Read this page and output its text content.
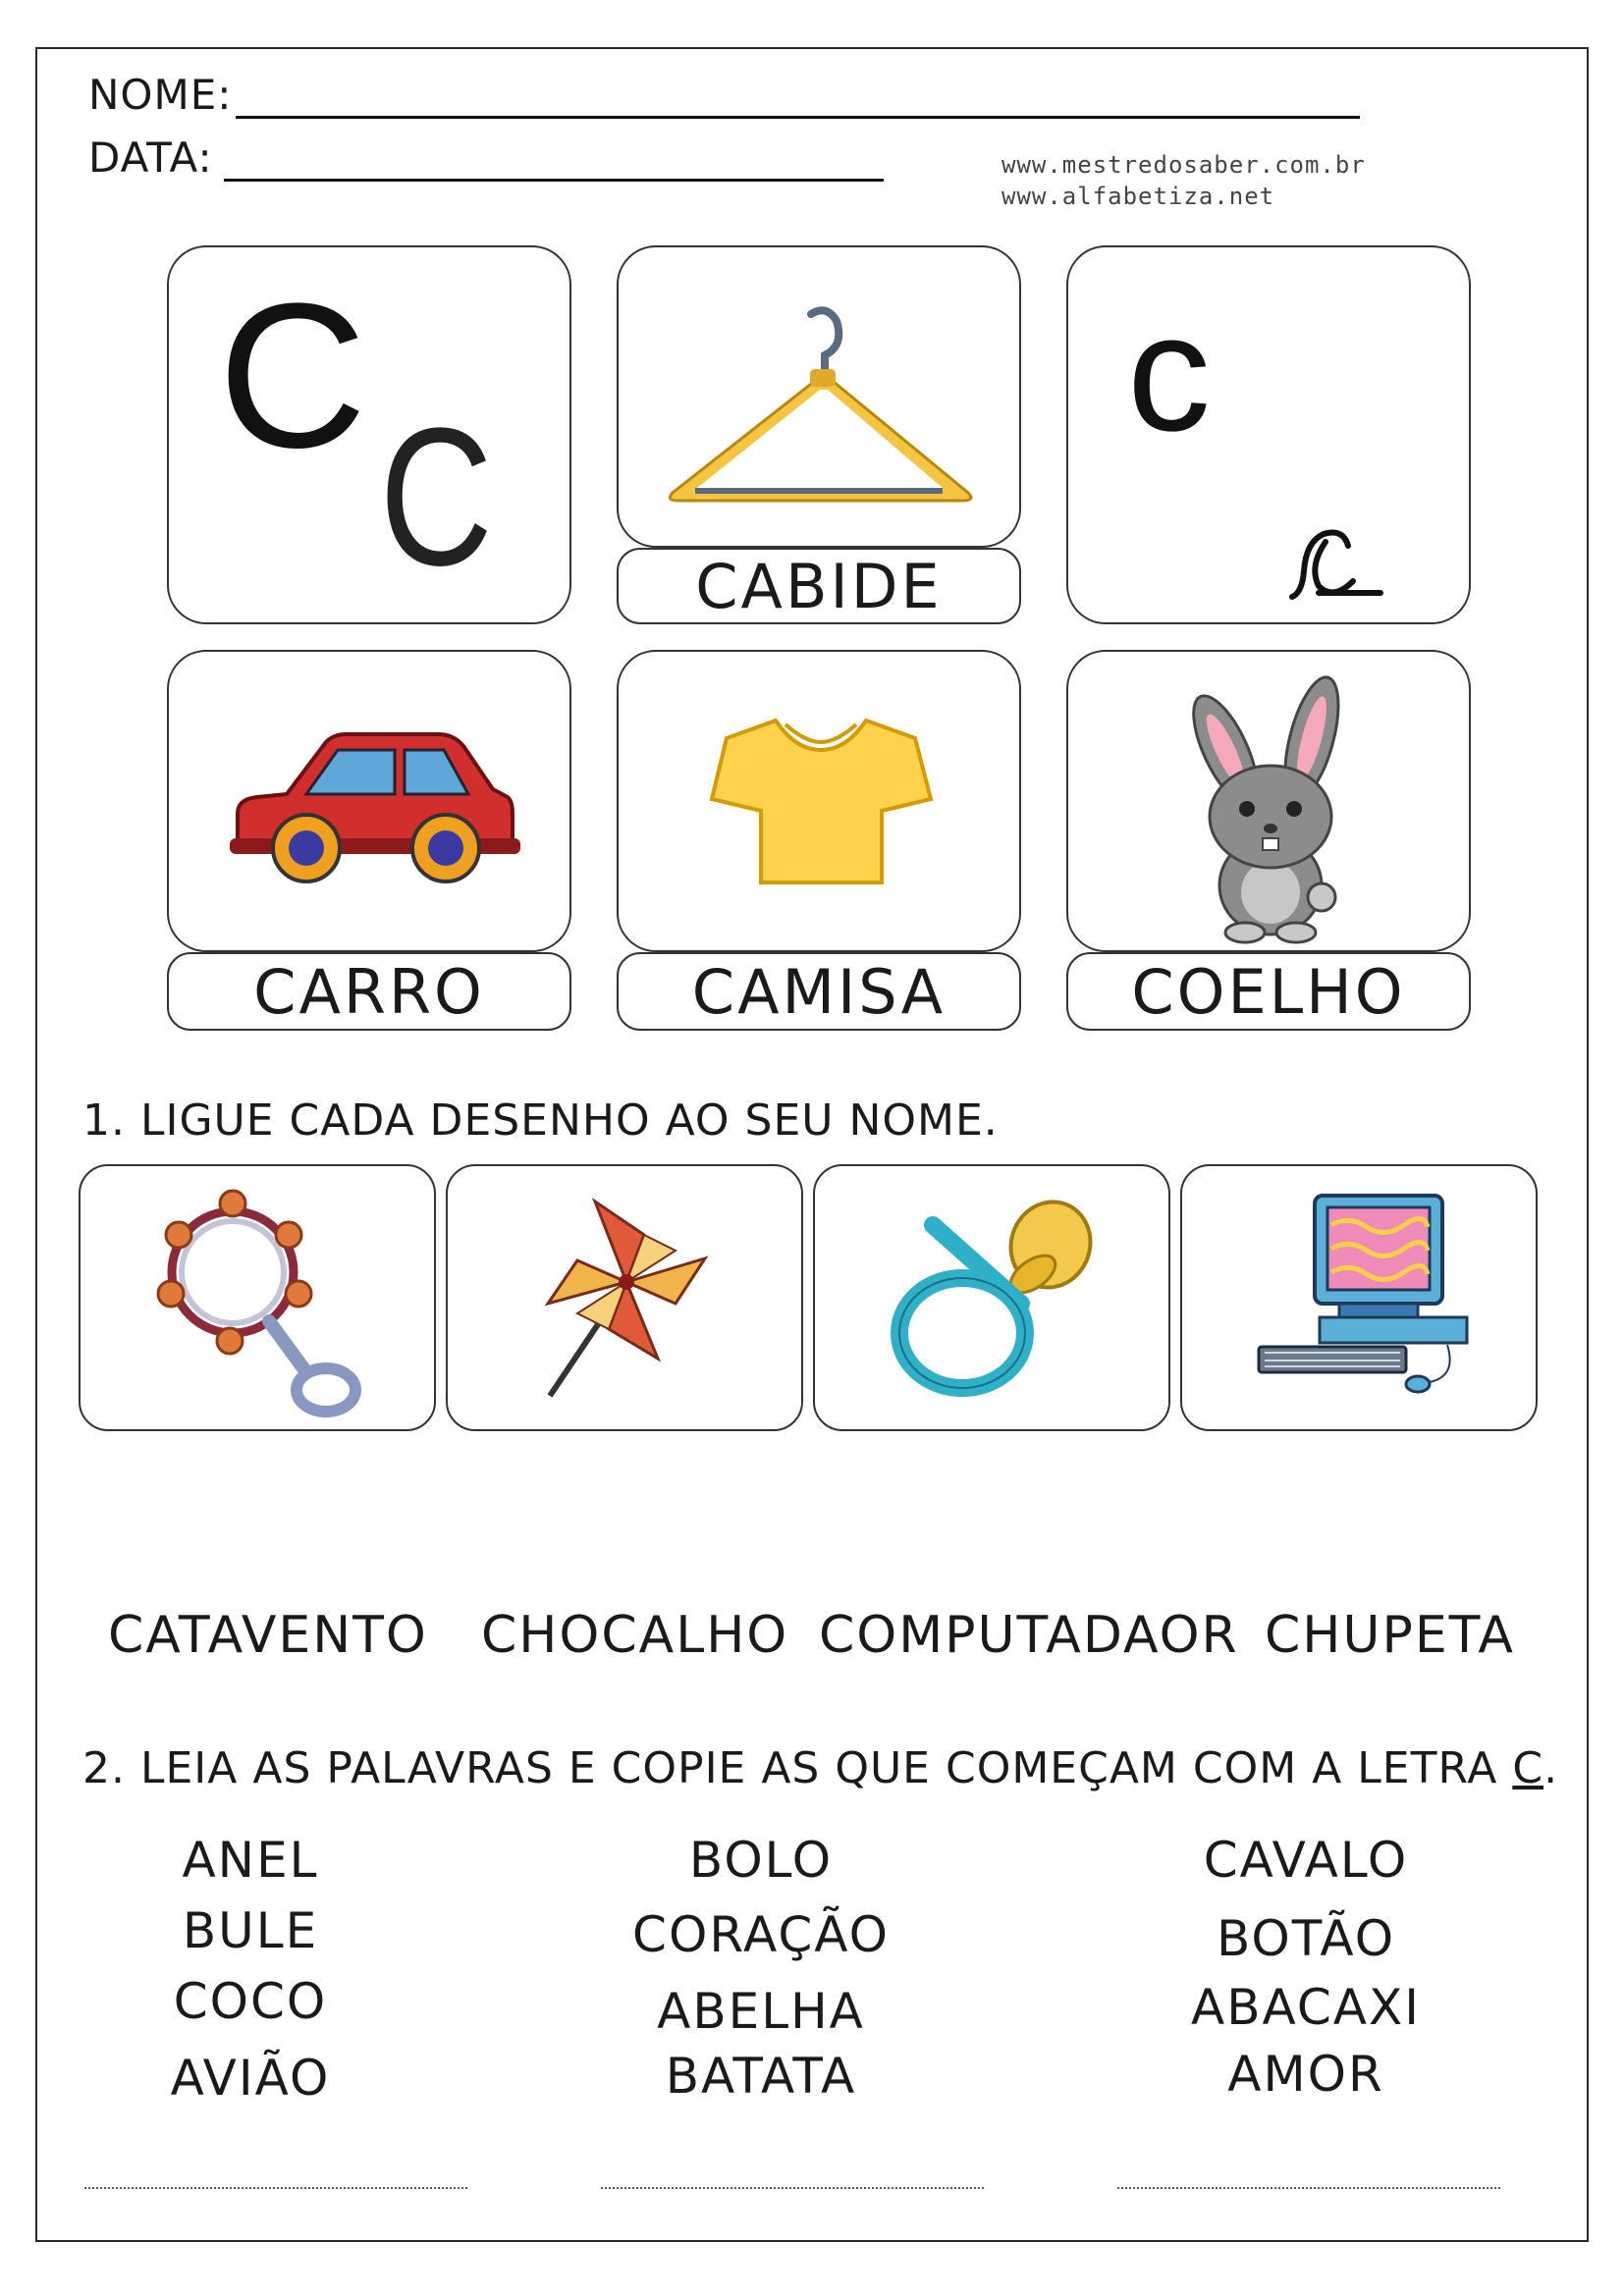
NOME:
DATA:	www.mestredosaber.com.br
www.alfabetiza.net
C
C	CABIDE
c
CARRO	CAMISA	COELHO
1. LIGUE CADA DESENHO AO SEU NOME.
CATAVENTO CHOCALHO COMPUTADAOR CHUPETA
2. LEIA AS PALAVRAS E COPIE AS QUE COMEÇAM COM A LETRA C.
ANEL
BULE
COCO
AVIÃO
BOLO
CORAÇÃO
ABELHA
BATATA
CAVALO
BOTÃO
ABACAXI
AMOR
